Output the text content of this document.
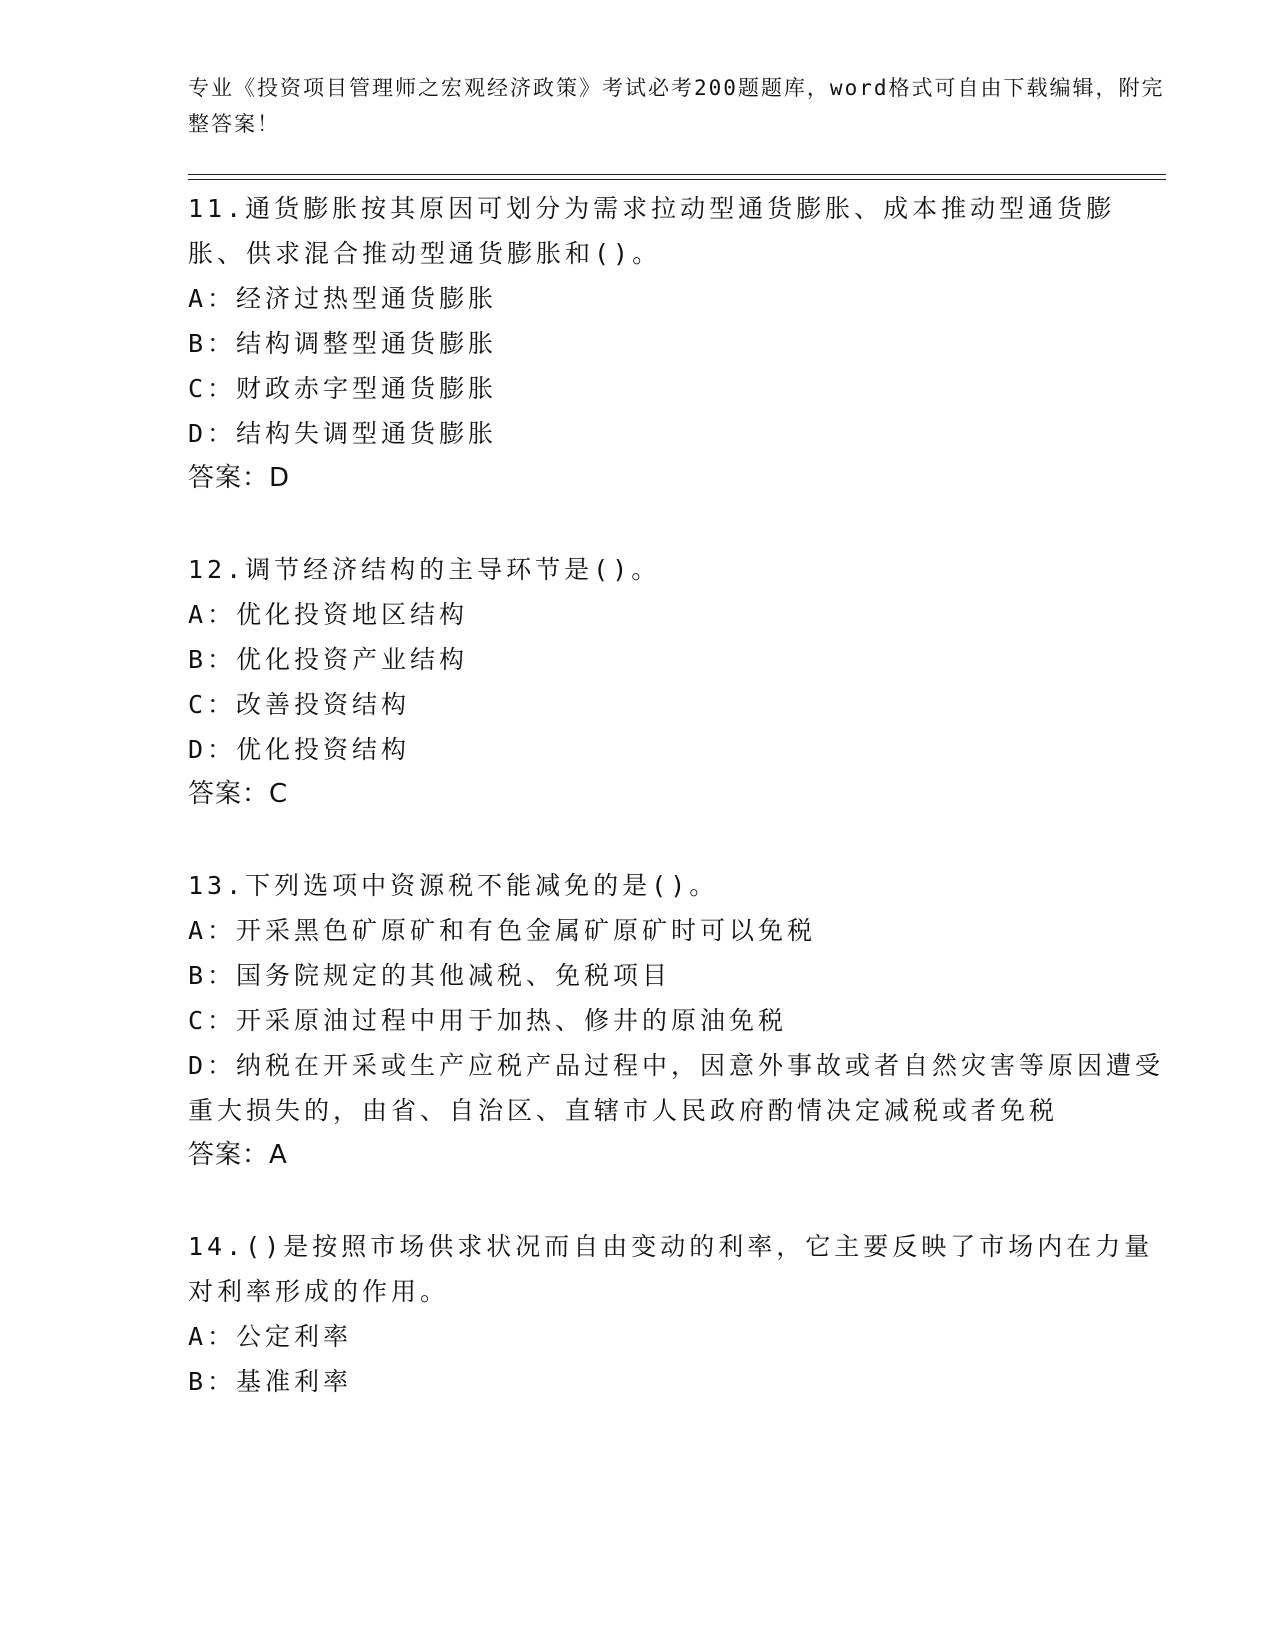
专业《投资项目管理师之宏观经济政策》考试必考200题题库，word格式可自由下载编辑，附完整答案！

11.通货膨胀按其原因可划分为需求拉动型通货膨胀、成本推动型通货膨胀、供求混合推动型通货膨胀和()。

A：经济过热型通货膨胀

B：结构调整型通货膨胀

C：财政赤字型通货膨胀

D：结构失调型通货膨胀

答案：D

12.调节经济结构的主导环节是()。

A：优化投资地区结构

B：优化投资产业结构

C：改善投资结构

D：优化投资结构

答案：C

13.下列选项中资源税不能减免的是()。

A：开采黑色矿原矿和有色金属矿原矿时可以免税

B：国务院规定的其他减税、免税项目

C：开采原油过程中用于加热、修井的原油免税

D：纳税在开采或生产应税产品过程中，因意外事故或者自然灾害等原因遭受重大损失的，由省、自治区、直辖市人民政府酌情决定减税或者免税

答案：A

14.()是按照市场供求状况而自由变动的利率，它主要反映了市场内在力量对利率形成的作用。

A：公定利率

B：基准利率
